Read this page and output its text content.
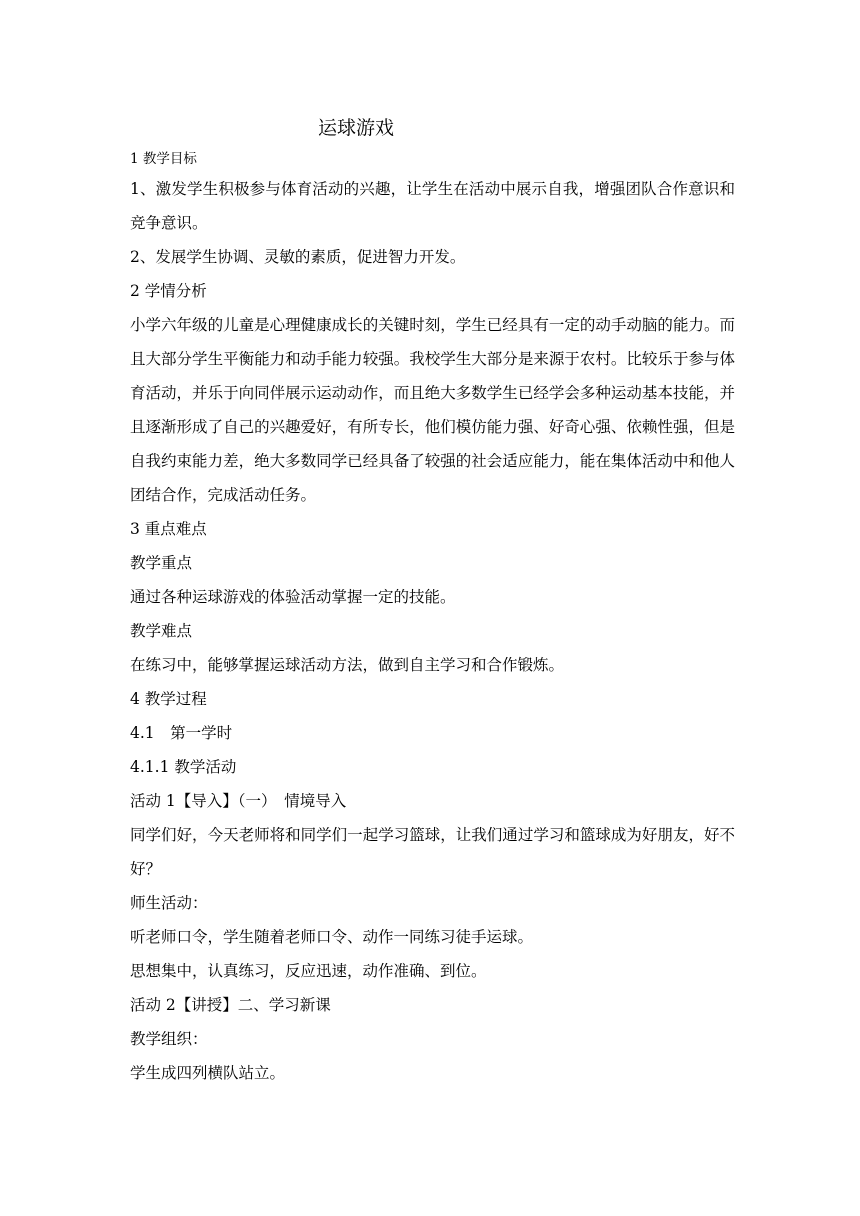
运球游戏

1 教学目标

1、激发学生积极参与体育活动的兴趣，让学生在活动中展示自我，增强团队合作意识和竞争意识。

2、发展学生协调、灵敏的素质，促进智力开发。

2 学情分析

小学六年级的儿童是心理健康成长的关键时刻，学生已经具有一定的动手动脑的能力。而且大部分学生平衡能力和动手能力较强。我校学生大部分是来源于农村。比较乐于参与体育活动，并乐于向同伴展示运动动作，而且绝大多数学生已经学会多种运动基本技能，并且逐渐形成了自己的兴趣爱好，有所专长，他们模仿能力强、好奇心强、依赖性强，但是自我约束能力差，绝大多数同学已经具备了较强的社会适应能力，能在集体活动中和他人团结合作，完成活动任务。

3 重点难点

教学重点

通过各种运球游戏的体验活动掌握一定的技能。

教学难点

在练习中，能够掌握运球活动方法，做到自主学习和合作锻炼。

4 教学过程

4.1　第一学时

4.1.1 教学活动

活动 1【导入】（一）　情境导入

同学们好，今天老师将和同学们一起学习篮球，让我们通过学习和篮球成为好朋友，好不好？

师生活动：

听老师口令，学生随着老师口令、动作一同练习徒手运球。

思想集中，认真练习，反应迅速，动作准确、到位。

活动 2【讲授】二、学习新课

教学组织：

学生成四列横队站立。
